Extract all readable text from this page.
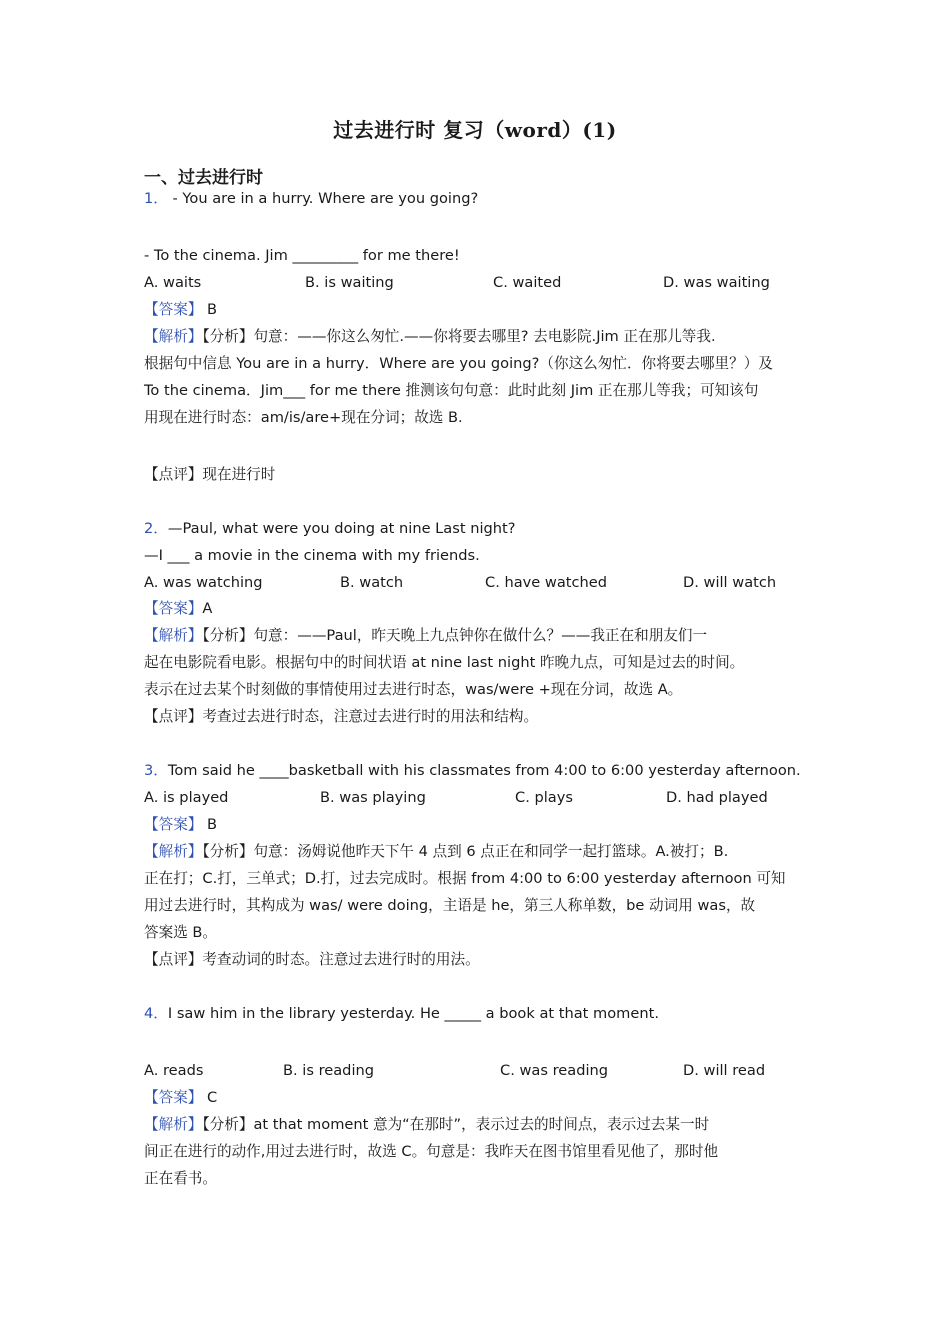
过去进行时 复习（word）(1)
一、过去进行时
1． - You are in a hurry. Where are you going?
- To the cinema. Jim _________ for me there!
A. waits	B. is waiting	C. waited	D. was waiting
【答案】 B
【解析】【分析】句意：——你这么匆忙.——你将要去哪里? 去电影院.Jim 正在那儿等我.
根据句中信息 You are in a hurry．Where are you going?（你这么匆忙．你将要去哪里？）及
To the cinema．Jim___ for me there 推测该句句意：此时此刻 Jim 正在那儿等我；可知该句
用现在进行时态：am/is/are+现在分词；故选 B.
【点评】现在进行时
2．—Paul, what were you doing at nine Last night?
—I ___ a movie in the cinema with my friends.
A. was watching	B. watch	C. have watched	D. will watch
【答案】A
【解析】【分析】句意：——Paul，昨天晚上九点钟你在做什么？——我正在和朋友们一
起在电影院看电影。根据句中的时间状语 at nine last night 昨晚九点，可知是过去的时间。
表示在过去某个时刻做的事情使用过去进行时态，was/were +现在分词，故选 A。
【点评】考查过去进行时态，注意过去进行时的用法和结构。
3．Tom said he ____basketball with his classmates from 4:00 to 6:00 yesterday afternoon.
A. is played	B. was playing	C. plays	D. had played
【答案】 B
【解析】【分析】句意：汤姆说他昨天下午 4 点到 6 点正在和同学一起打篮球。A.被打；B.
正在打；C.打，三单式；D.打，过去完成时。根据 from 4:00 to 6:00 yesterday afternoon 可知
用过去进行时，其构成为 was/ were doing，主语是 he，第三人称单数，be 动词用 was，故
答案选 B。
【点评】考查动词的时态。注意过去进行时的用法。
4．I saw him in the library yesterday. He _____ a book at that moment.
A. reads	B. is reading	C. was reading	D. will read
【答案】 C
【解析】【分析】at that moment 意为“在那时”，表示过去的时间点，表示过去某一时
间正在进行的动作,用过去进行时，故选 C。句意是：我昨天在图书馆里看见他了，那时他
正在看书。
